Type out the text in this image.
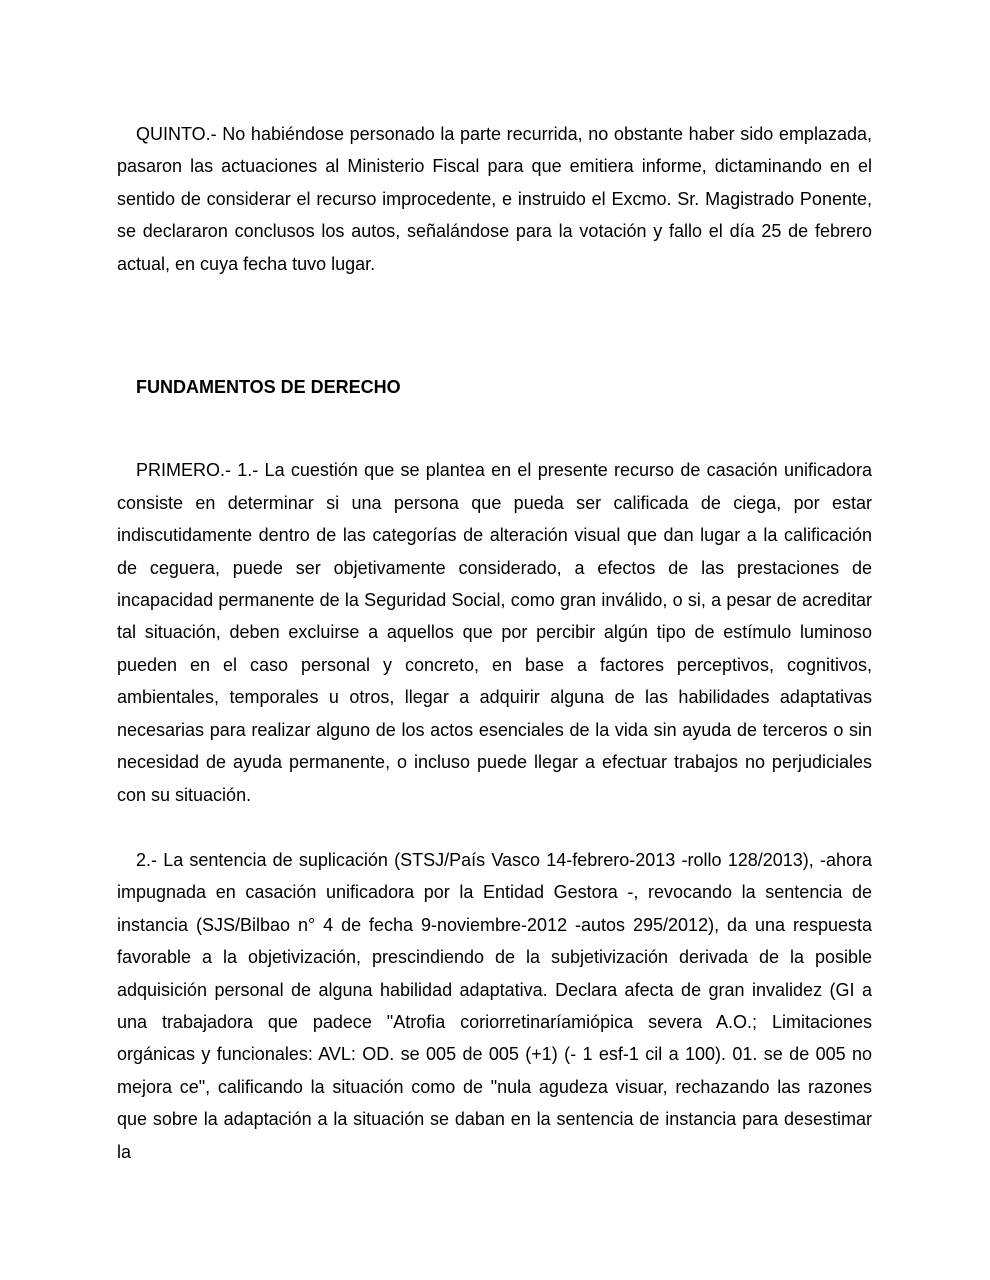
QUINTO.- No habiéndose personado la parte recurrida, no obstante haber sido emplazada, pasaron las actuaciones al Ministerio Fiscal para que emitiera informe, dictaminando en el sentido de considerar el recurso improcedente, e instruido el Excmo. Sr. Magistrado Ponente, se declararon conclusos los autos, señalándose para la votación y fallo el día 25 de febrero actual, en cuya fecha tuvo lugar.

FUNDAMENTOS DE DERECHO

PRIMERO.- 1.- La cuestión que se plantea en el presente recurso de casación unificadora consiste en determinar si una persona que pueda ser calificada de ciega, por estar indiscutidamente dentro de las categorías de alteración visual que dan lugar a la calificación de ceguera, puede ser objetivamente considerado, a efectos de las prestaciones de incapacidad permanente de la Seguridad Social, como gran inválido, o si, a pesar de acreditar tal situación, deben excluirse a aquellos que por percibir algún tipo de estímulo luminoso pueden en el caso personal y concreto, en base a factores perceptivos, cognitivos, ambientales, temporales u otros, llegar a adquirir alguna de las habilidades adaptativas necesarias para realizar alguno de los actos esenciales de la vida sin ayuda de terceros o sin necesidad de ayuda permanente, o incluso puede llegar a efectuar trabajos no perjudiciales con su situación.

2.- La sentencia de suplicación (STSJ/País Vasco 14-febrero-2013 -rollo 128/2013), -ahora impugnada en casación unificadora por la Entidad Gestora -, revocando la sentencia de instancia (SJS/Bilbao n° 4 de fecha 9-noviembre-2012 -autos 295/2012), da una respuesta favorable a la objetivización, prescindiendo de la subjetivización derivada de la posible adquisición personal de alguna habilidad adaptativa. Declara afecta de gran invalidez (GI a una trabajadora que padece "Atrofia coriorretinaríamiópica severa A.O.; Limitaciones orgánicas y funcionales: AVL: OD. se 005 de 005 (+1) (- 1 esf-1 cil a 100). 01. se de 005 no mejora ce", calificando la situación como de "nula agudeza visuar, rechazando las razones que sobre la adaptación a la situación se daban en la sentencia de instancia para desestimar la
